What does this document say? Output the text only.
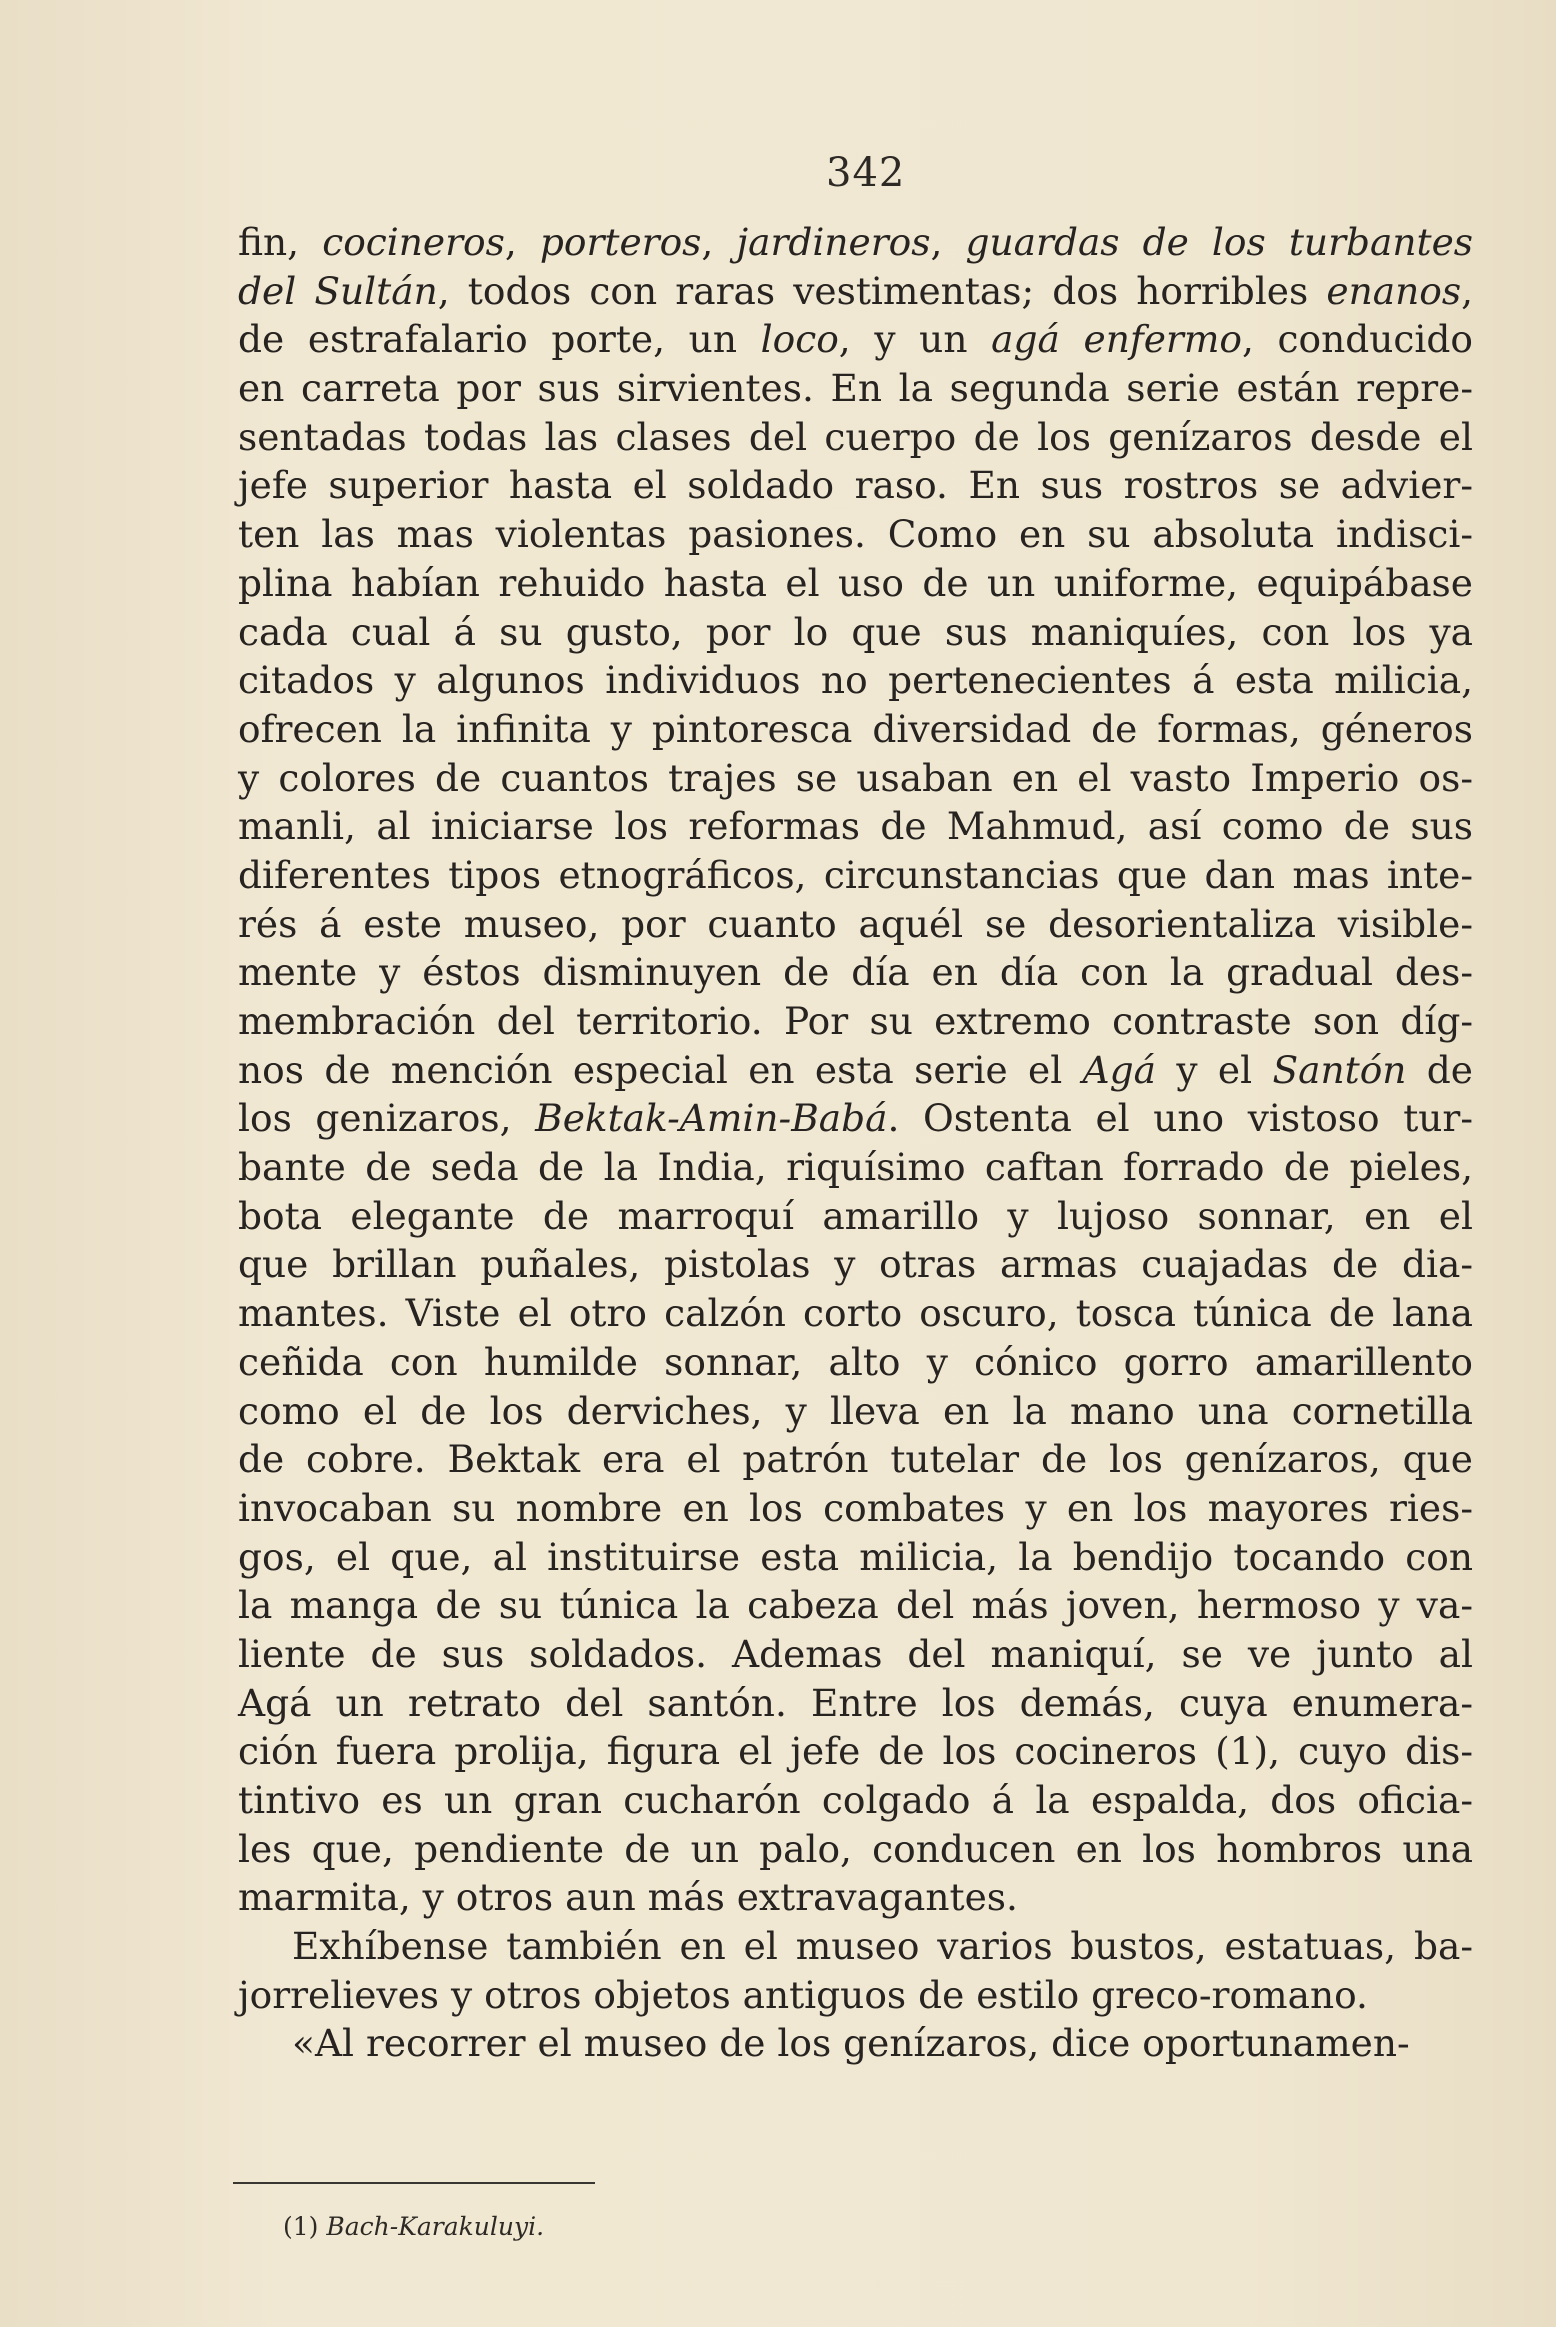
342
fin, cocineros, porteros, jardineros, guardas de los turbantes
del Sultán, todos con raras vestimentas; dos horribles enanos,
de estrafalario porte, un loco, y un agá enfermo, conducido
en carreta por sus sirvientes. En la segunda serie están repre-
sentadas todas las clases del cuerpo de los genízaros desde el
jefe superior hasta el soldado raso. En sus rostros se advier-
ten las mas violentas pasiones. Como en su absoluta indisci-
plina habían rehuido hasta el uso de un uniforme, equipábase
cada cual á su gusto, por lo que sus maniquíes, con los ya
citados y algunos individuos no pertenecientes á esta milicia,
ofrecen la infinita y pintoresca diversidad de formas, géneros
y colores de cuantos trajes se usaban en el vasto Imperio os-
manli, al iniciarse los reformas de Mahmud, así como de sus
diferentes tipos etnográficos, circunstancias que dan mas inte-
rés á este museo, por cuanto aquél se desorientaliza visible-
mente y éstos disminuyen de día en día con la gradual des-
membración del territorio. Por su extremo contraste son díg-
nos de mención especial en esta serie el Agá y el Santón de
los genizaros, Bektak-Amin-Babá. Ostenta el uno vistoso tur-
bante de seda de la India, riquísimo caftan forrado de pieles,
bota elegante de marroquí amarillo y lujoso sonnar, en el
que brillan puñales, pistolas y otras armas cuajadas de dia-
mantes. Viste el otro calzón corto oscuro, tosca túnica de lana
ceñida con humilde sonnar, alto y cónico gorro amarillento
como el de los derviches, y lleva en la mano una cornetilla
de cobre. Bektak era el patrón tutelar de los genízaros, que
invocaban su nombre en los combates y en los mayores ries-
gos, el que, al instituirse esta milicia, la bendijo tocando con
la manga de su túnica la cabeza del más joven, hermoso y va-
liente de sus soldados. Ademas del maniquí, se ve junto al
Agá un retrato del santón. Entre los demás, cuya enumera-
ción fuera prolija, figura el jefe de los cocineros (1), cuyo dis-
tintivo es un gran cucharón colgado á la espalda, dos oficia-
les que, pendiente de un palo, conducen en los hombros una
marmita, y otros aun más extravagantes.
Exhíbense también en el museo varios bustos, estatuas, ba-
jorrelieves y otros objetos antiguos de estilo greco-romano.
«Al recorrer el museo de los genízaros, dice oportunamen-
(1) Bach-Karakuluyi.
